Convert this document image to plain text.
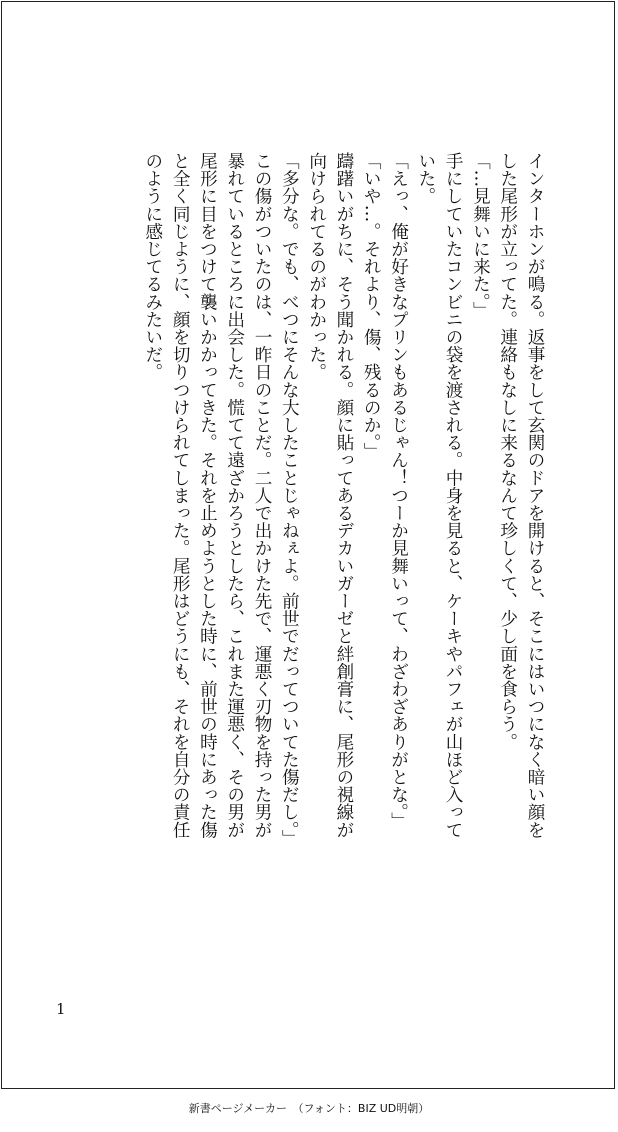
インターホンが鳴る。返事をして玄関のドアを開けると、そこにはいつになく暗い顔を

した尾形が立ってた。連絡もなしに来るなんて珍しくて、少し面を食らう。

「…見舞いに来た。」

手にしていたコンビニの袋を渡される。中身を見ると、ケーキやパフェが山ほど入って

いた。

「えっ、俺が好きなプリンもあるじゃん！つーか見舞いって、わざわざありがとな。」

「いや…。それより、傷、残るのか。」

躊躇いがちに、そう聞かれる。顔に貼ってあるデカいガーゼと絆創膏に、尾形の視線が

向けられてるのがわかった。

「多分な。でも、べつにそんな大したことじゃねぇよ。前世でだってついてた傷だし。」

この傷がついたのは、一昨日のことだ。二人で出かけた先で、運悪く刃物を持った男が

暴れているところに出会した。慌てて遠ざかろうとしたら、これまた運悪く、その男が

尾形に目をつけて襲いかかってきた。それを止めようとした時に、前世の時にあった傷

と全く同じように、顔を切りつけられてしまった。尾形はどうにも、それを自分の責任

のように感じてるみたいだ。

1
新書ページメーカー　（フォント：BIZ UD明朝）
